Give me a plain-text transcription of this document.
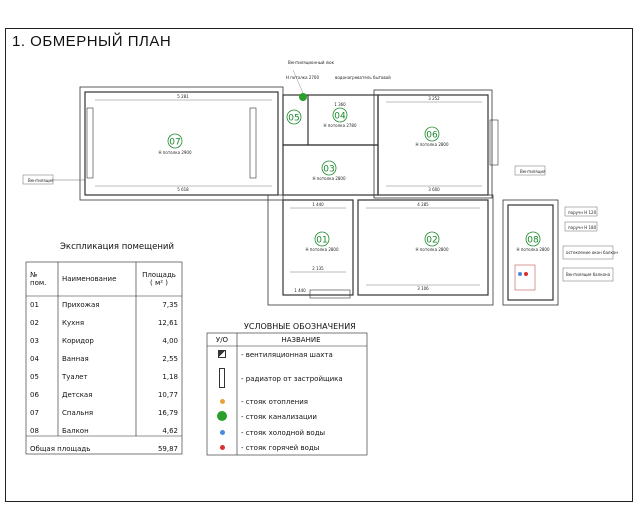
1. ОБМЕРНЫЙ ПЛАН
5 281	3 252
5 618	3 600
1 360
4 285
1 440
2 135
3 106
1 440
Вентиляционный люк
Н потолка 2700	водонагреватель бытовой
Вентиляция
Вентиляция
поручн Н 120
поручн Н 180
остекление окон балкон
Вентиляция балкона
07
05	04
06
03
01	02	08
Н потолка 2900
Н потолка 2780
Н потолка 2800
Н потолка 2800
Н потолка 2800	Н потолка 2800	Н потолка 2800
Экспликация помещений
№ пом.	Наименование	Площадь ( м² )
01	Прихожая	7,35
02	Кухня	12,61
03	Коридор	4,00
04	Ванная	2,55
05	Туалет	1,18
06	Детская	10,77
07	Спальня	16,79
08	Балкон	4,62
Общая площадь		59,87
УСЛОВНЫЕ ОБОЗНАЧЕНИЯ
У/О	НАЗВАНИЕ
	- вентиляционная шахта
	- радиатор от застройщика
	- стояк отопления
	- стояк канализации
	- стояк холодной воды
	- стояк горячей воды
